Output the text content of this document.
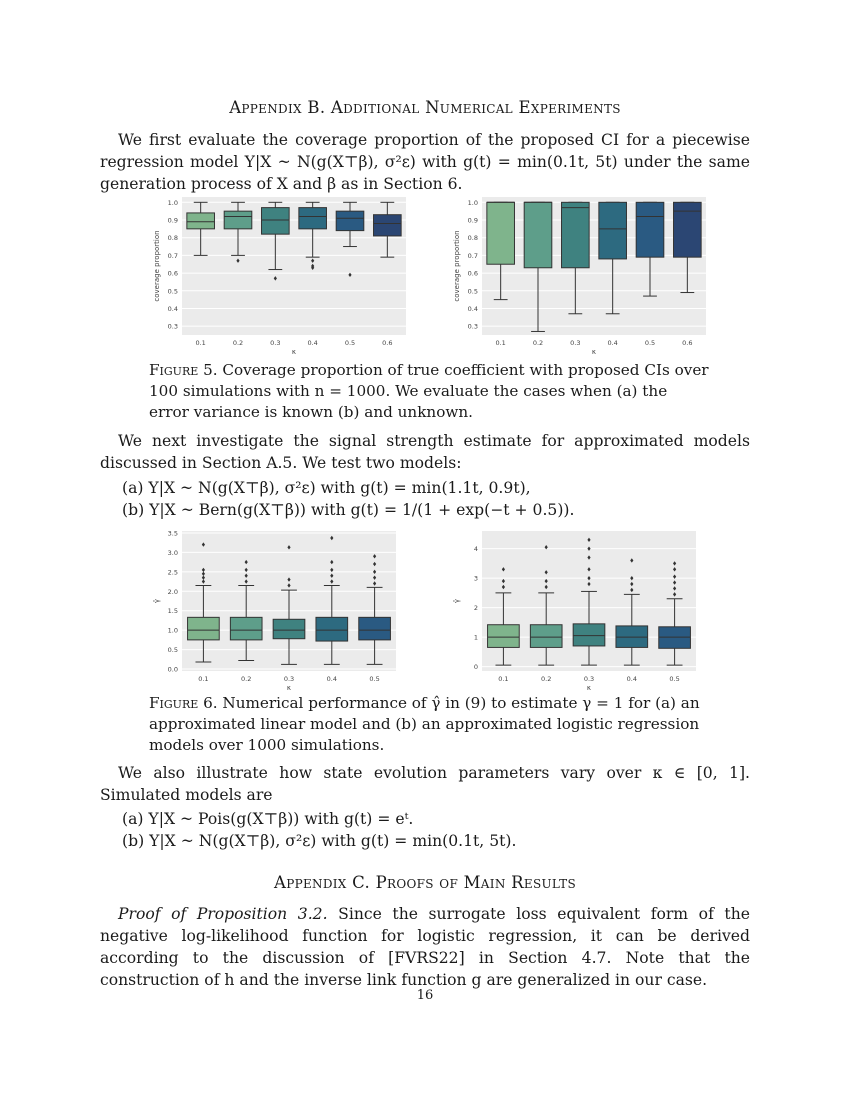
Appendix B. Additional Numerical Experiments
We first evaluate the coverage proportion of the proposed CI for a piecewise regression model Y|X ~ N(g(X⊤β), σ²ε) with g(t) = min(0.1t, 5t) under the same generation process of X and β as in Section 6.
0.3
0.4
0.5
0.6
0.7
0.8
0.9
1.0
0.1	0.2	0.3	0.4	0.5	0.6
κ
coverage proportion
0.3
0.4
0.5
0.6
0.7
0.8
0.9
1.0
0.1	0.2	0.3	0.4	0.5	0.6
κ
coverage proportion
Figure 5. Coverage proportion of true coefficient with proposed CIs over 100 simulations with n = 1000. We evaluate the cases when (a) the error variance is known (b) and unknown.
We next investigate the signal strength estimate for approximated models discussed in Section A.5. We test two models:
(a) Y|X ~ N(g(X⊤β), σ²ε) with g(t) = min(1.1t, 0.9t),
(b) Y|X ~ Bern(g(X⊤β)) with g(t) = 1/(1 + exp(−t + 0.5)).
0.0
0.5
1.0
1.5
2.0
2.5
3.0
3.5
0.1	0.2	0.3	0.4	0.5
κ
γ̂
0
1
2
3
4
0.1	0.2	0.3	0.4	0.5
κ
γ̂
Figure 6. Numerical performance of γ̂ in (9) to estimate γ = 1 for (a) an approximated linear model and (b) an approximated logistic regression models over 1000 simulations.
We also illustrate how state evolution parameters vary over κ ∈ [0, 1]. Simulated models are
(a) Y|X ~ Pois(g(X⊤β)) with g(t) = eᵗ.
(b) Y|X ~ N(g(X⊤β), σ²ε) with g(t) = min(0.1t, 5t).
Appendix C. Proofs of Main Results
Proof of Proposition 3.2. Since the surrogate loss equivalent form of the negative log-likelihood function for logistic regression, it can be derived according to the discussion of [FVRS22] in Section 4.7. Note that the construction of h and the inverse link function g are generalized in our case.
16
